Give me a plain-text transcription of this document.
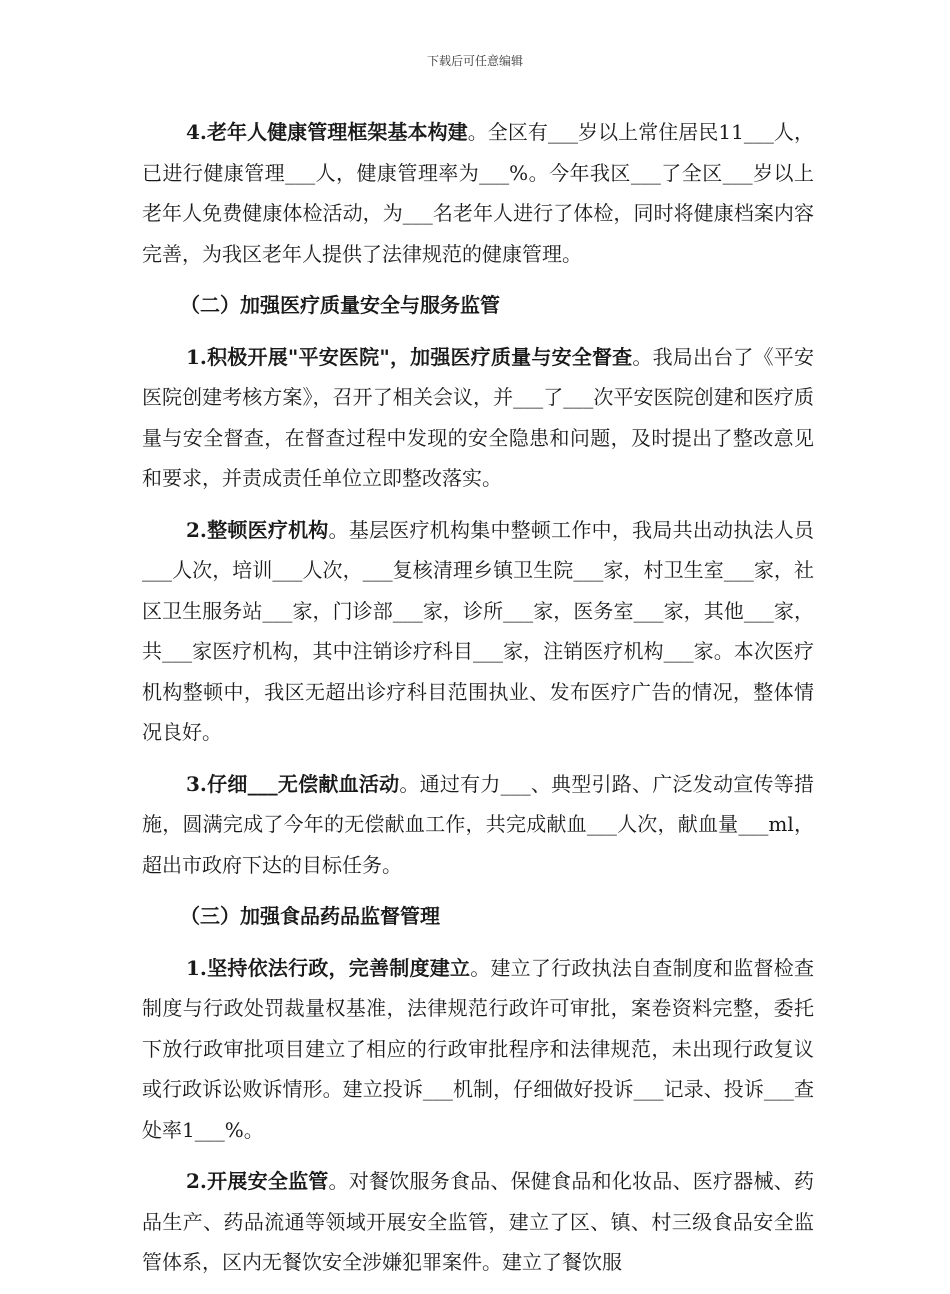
下载后可任意编辑

4.老年人健康管理框架基本构建。全区有___岁以上常住居民11___人，已进行健康管理___人，健康管理率为___%。今年我区___了全区___岁以上老年人免费健康体检活动，为___名老年人进行了体检，同时将健康档案内容完善，为我区老年人提供了法律规范的健康管理。

（二）加强医疗质量安全与服务监管

1.积极开展"平安医院"，加强医疗质量与安全督查。我局出台了《平安医院创建考核方案》，召开了相关会议，并___了___次平安医院创建和医疗质量与安全督查，在督查过程中发现的安全隐患和问题，及时提出了整改意见和要求，并责成责任单位立即整改落实。

2.整顿医疗机构。基层医疗机构集中整顿工作中，我局共出动执法人员___人次，培训___人次，___复核清理乡镇卫生院___家，村卫生室___家，社区卫生服务站___家，门诊部___家，诊所___家，医务室___家，其他___家，共___家医疗机构，其中注销诊疗科目___家，注销医疗机构___家。本次医疗机构整顿中，我区无超出诊疗科目范围执业、发布医疗广告的情况，整体情况良好。

3.仔细___无偿献血活动。通过有力___、典型引路、广泛发动宣传等措施，圆满完成了今年的无偿献血工作，共完成献血___人次，献血量___ml，超出市政府下达的目标任务。

（三）加强食品药品监督管理

1.坚持依法行政，完善制度建立。建立了行政执法自查制度和监督检查制度与行政处罚裁量权基准，法律规范行政许可审批，案卷资料完整，委托下放行政审批项目建立了相应的行政审批程序和法律规范，未出现行政复议或行政诉讼败诉情形。建立投诉___机制，仔细做好投诉___记录、投诉___查处率1___%。

2.开展安全监管。对餐饮服务食品、保健食品和化妆品、医疗器械、药品生产、药品流通等领域开展安全监管，建立了区、镇、村三级食品安全监管体系，区内无餐饮安全涉嫌犯罪案件。建立了餐饮服
